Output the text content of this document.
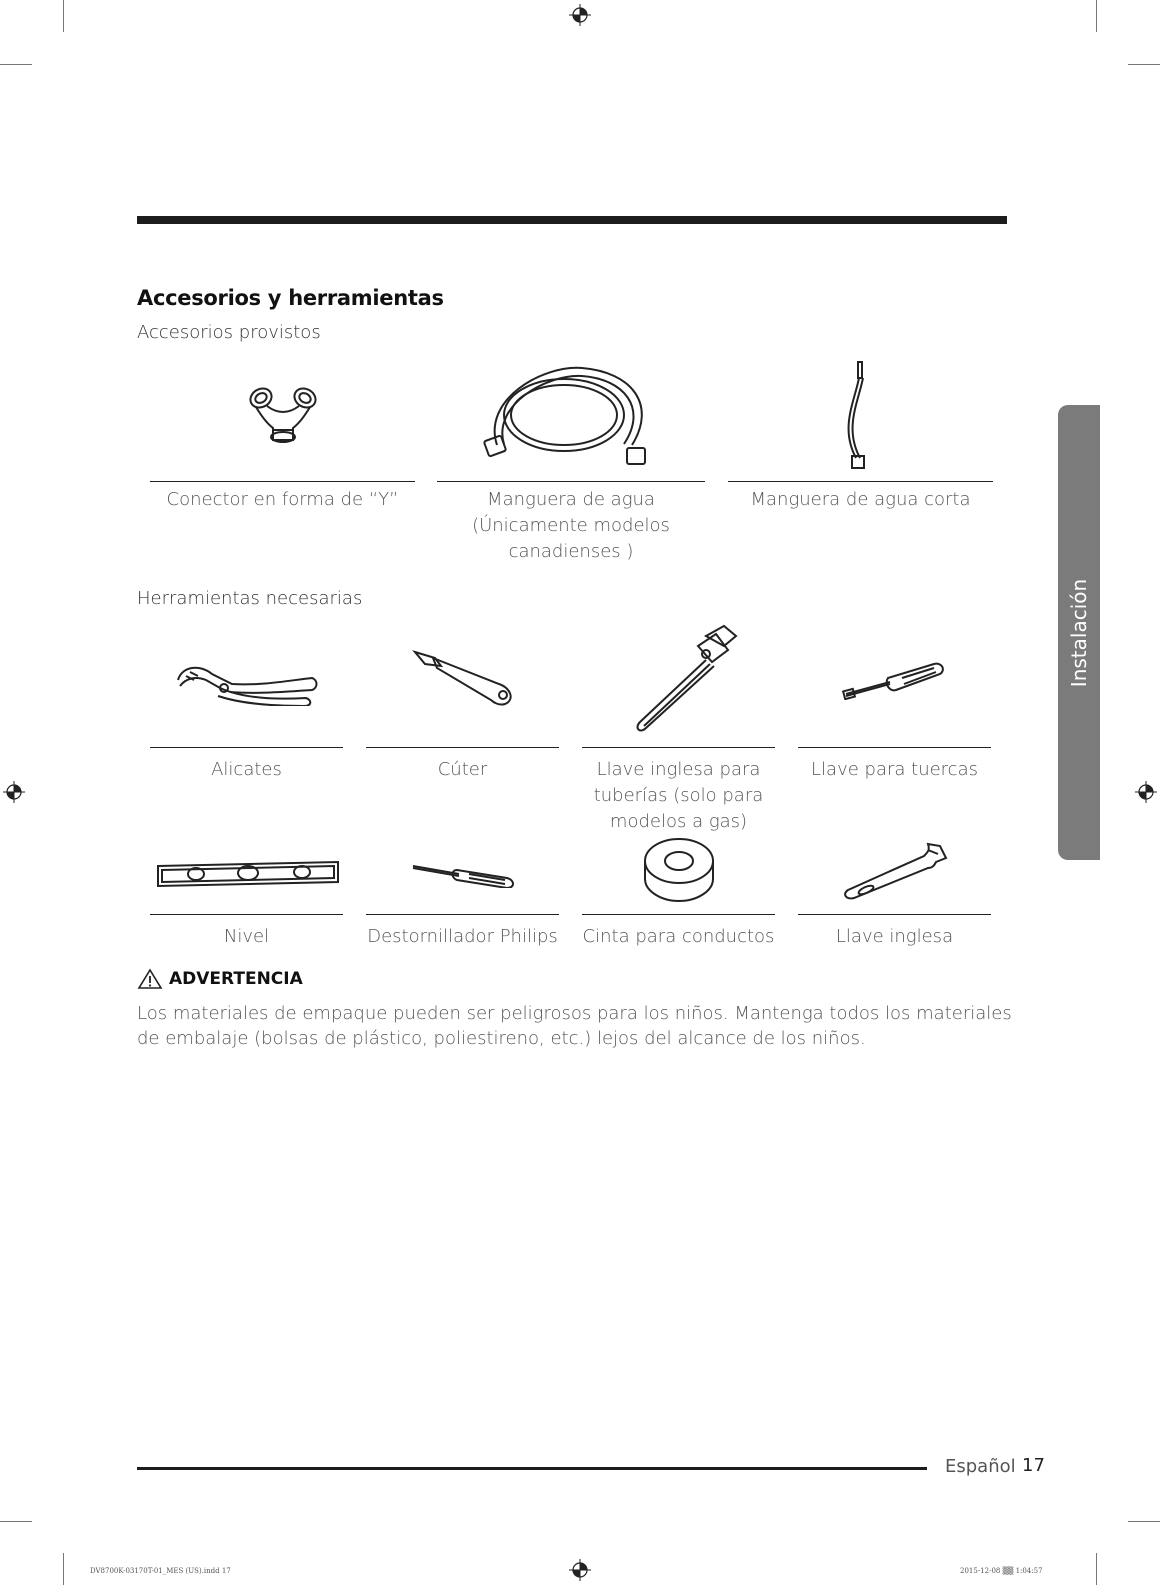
Instalación
Accesorios y herramientas
Accesorios provistos
Conector en forma de “Y”	Manguera de agua
(Únicamente modelos
canadienses )
Manguera de agua corta
Herramientas necesarias
Alicates	Cúter	Llave inglesa para
tuberías (solo para
modelos a gas)
Llave para tuercas
Nivel	Destornillador Philips Cinta para conductos	Llave inglesa
ADVERTENCIA
Los materiales de empaque pueden ser peligrosos para los niños. Mantenga todos los materiales de embalaje (bolsas de plástico, poliestireno, etc.) lejos del alcance de los niños.
Español 17
DV8700K-03170T-01_MES (US).indd 17	2015-12-08 ▒▒ 1:04:57
